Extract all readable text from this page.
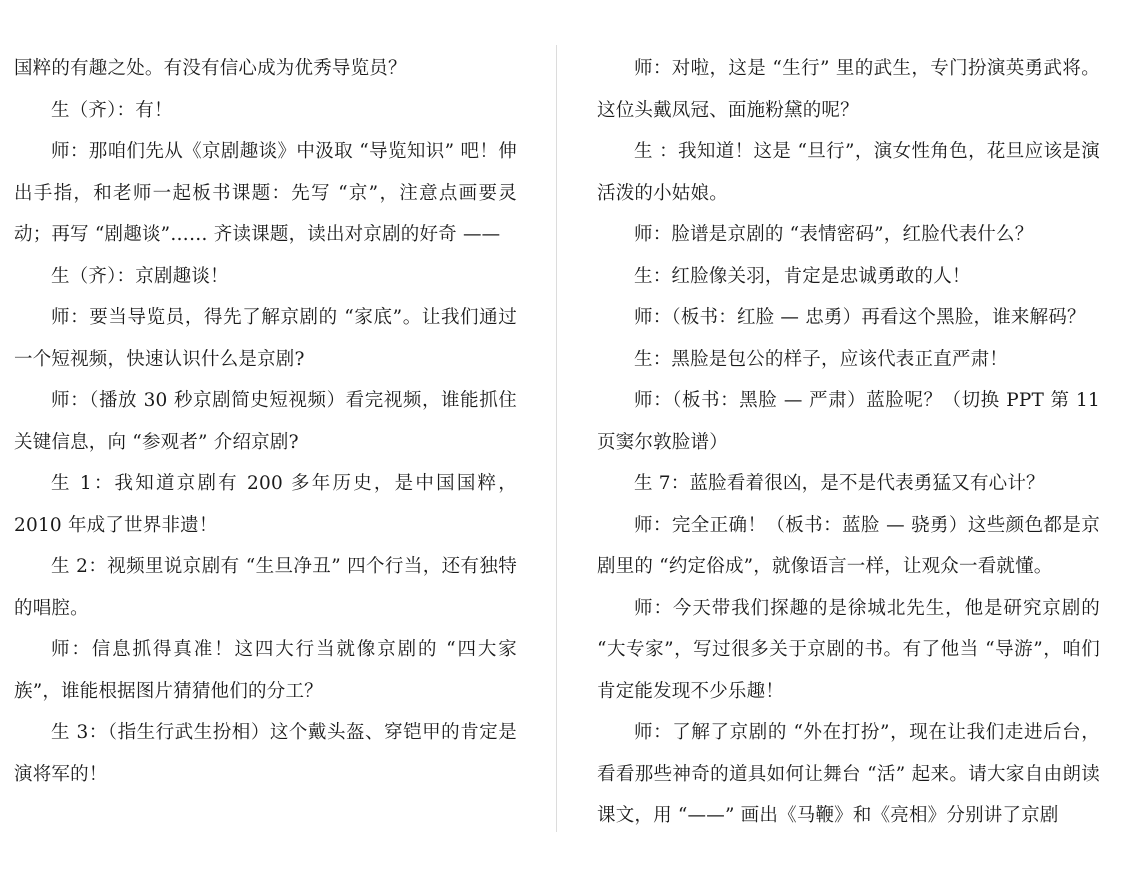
国粹的有趣之处。有没有信心成为优秀导览员？

生（齐）：有！

师：那咱们先从《京剧趣谈》中汲取 “导览知识” 吧！伸出手指，和老师一起板书课题：先写 “京”，注意点画要灵动；再写 “剧趣谈”…… 齐读课题，读出对京剧的好奇 ——

生（齐）：京剧趣谈！

师：要当导览员，得先了解京剧的 “家底”。让我们通过一个短视频，快速认识什么是京剧?

师：（播放 30 秒京剧简史短视频）看完视频，谁能抓住关键信息，向 “参观者” 介绍京剧?

生 1：我知道京剧有 200 多年历史，是中国国粹，2010 年成了世界非遗！

生 2：视频里说京剧有 “生旦净丑” 四个行当，还有独特的唱腔。

师：信息抓得真准！这四大行当就像京剧的 “四大家族”，谁能根据图片猜猜他们的分工？

生 3：（指生行武生扮相）这个戴头盔、穿铠甲的肯定是演将军的！

师：对啦，这是 “生行” 里的武生，专门扮演英勇武将。这位头戴凤冠、面施粉黛的呢？

生 ：我知道！这是 “旦行”，演女性角色，花旦应该是演活泼的小姑娘。

师：脸谱是京剧的 “表情密码”，红脸代表什么？

生：红脸像关羽，肯定是忠诚勇敢的人！

师：（板书：红脸 — 忠勇）再看这个黑脸，谁来解码？

生：黑脸是包公的样子，应该代表正直严肃！

师：（板书：黑脸 — 严肃）蓝脸呢？（切换 PPT 第 11 页窦尔敦脸谱）

生 7：蓝脸看着很凶，是不是代表勇猛又有心计？

师：完全正确！（板书：蓝脸 — 骁勇）这些颜色都是京剧里的 “约定俗成”，就像语言一样，让观众一看就懂。

师：今天带我们探趣的是徐城北先生，他是研究京剧的 “大专家”，写过很多关于京剧的书。有了他当 “导游”，咱们肯定能发现不少乐趣！

师：了解了京剧的 “外在打扮”，现在让我们走进后台，看看那些神奇的道具如何让舞台 “活” 起来。请大家自由朗读课文，用 “——” 画出《马鞭》和《亮相》分别讲了京剧
